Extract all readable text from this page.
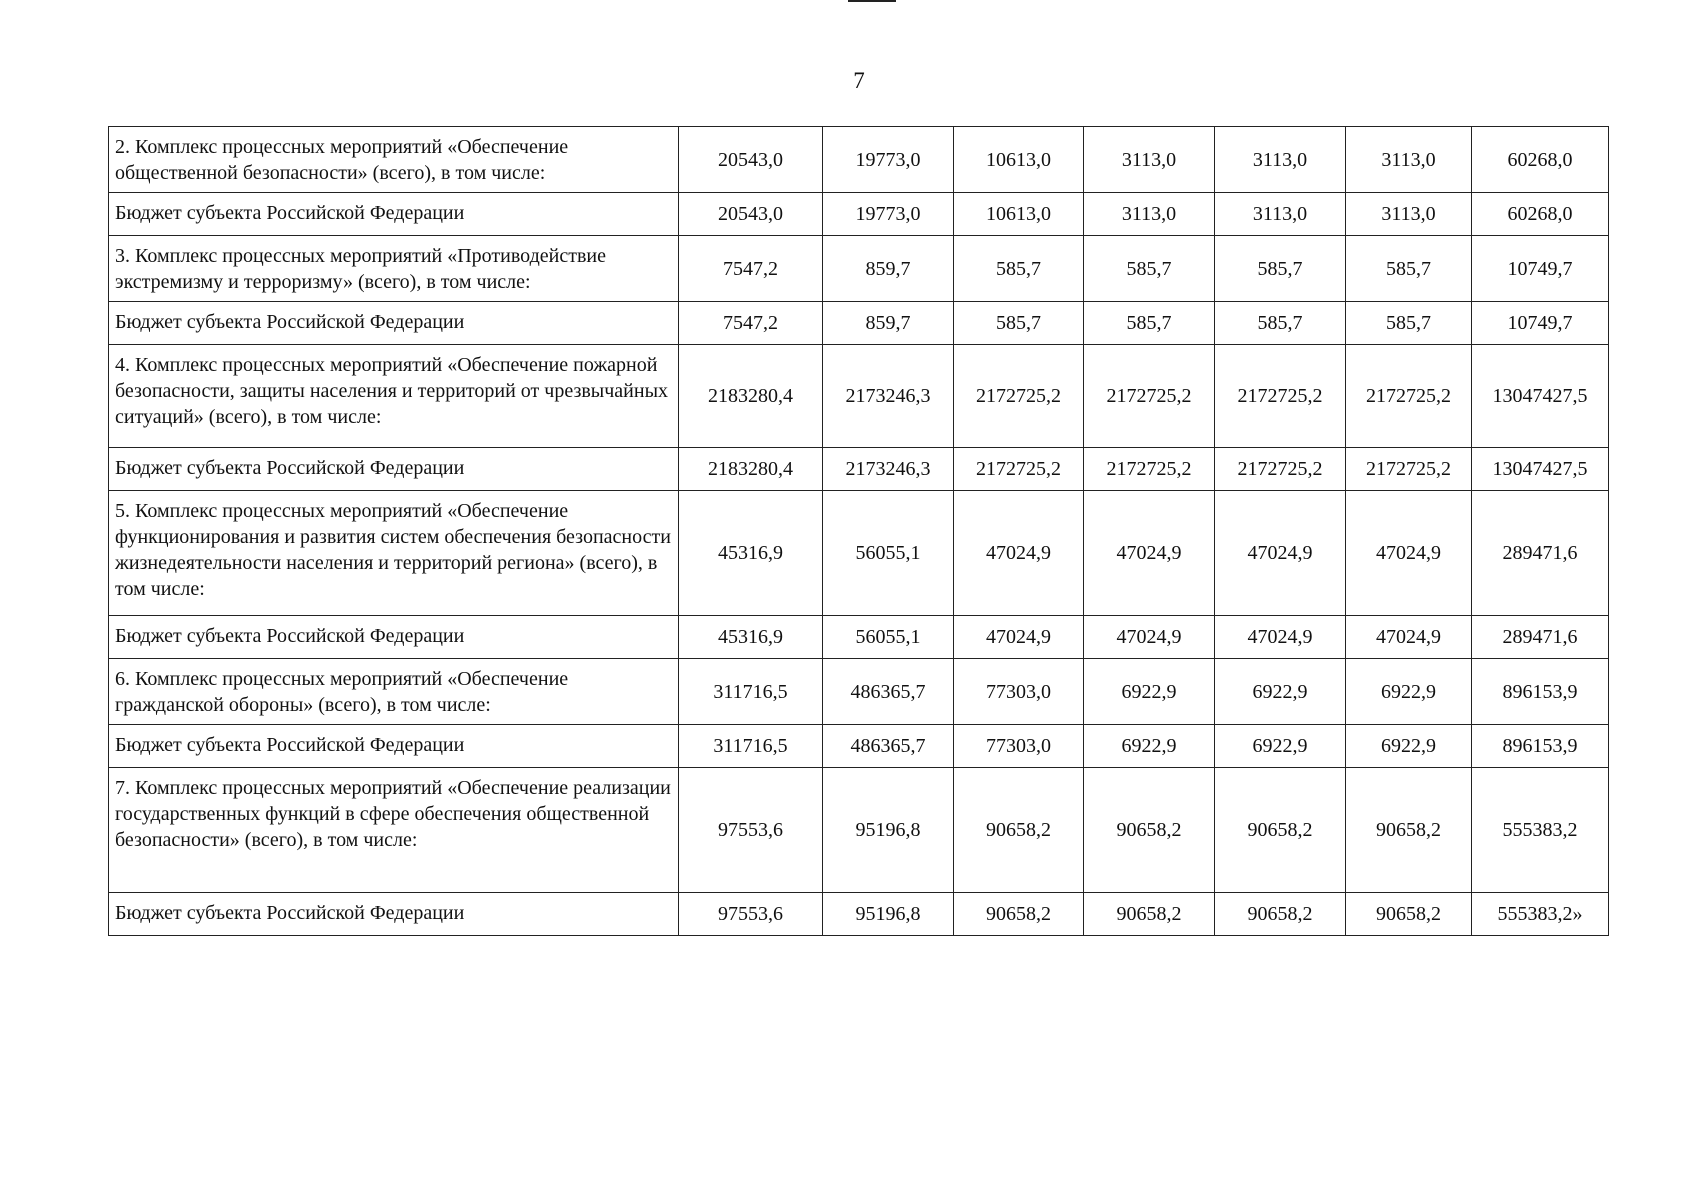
7
2. Комплекс процессных мероприятий «Обеспечение общественной безопасности» (всего), в том числе:	20543,0	19773,0	10613,0	3113,0	3113,0	3113,0	60268,0
Бюджет субъекта Российской Федерации	20543,0	19773,0	10613,0	3113,0	3113,0	3113,0	60268,0
3. Комплекс процессных мероприятий «Противодействие экстремизму и терроризму» (всего), в том числе:	7547,2	859,7	585,7	585,7	585,7	585,7	10749,7
Бюджет субъекта Российской Федерации	7547,2	859,7	585,7	585,7	585,7	585,7	10749,7
4. Комплекс процессных мероприятий «Обеспечение пожарной безопасности, защиты населения и территорий от чрезвычайных ситуаций» (всего), в том числе:	2183280,4	2173246,3	2172725,2	2172725,2	2172725,2	2172725,2	13047427,5
Бюджет субъекта Российской Федерации	2183280,4	2173246,3	2172725,2	2172725,2	2172725,2	2172725,2	13047427,5
5. Комплекс процессных мероприятий «Обеспечение функционирования и развития систем обеспечения безопасности жизнедеятельности населения и территорий региона» (всего), в том числе:	45316,9	56055,1	47024,9	47024,9	47024,9	47024,9	289471,6
Бюджет субъекта Российской Федерации	45316,9	56055,1	47024,9	47024,9	47024,9	47024,9	289471,6
6. Комплекс процессных мероприятий «Обеспечение гражданской обороны» (всего), в том числе:	311716,5	486365,7	77303,0	6922,9	6922,9	6922,9	896153,9
Бюджет субъекта Российской Федерации	311716,5	486365,7	77303,0	6922,9	6922,9	6922,9	896153,9
7. Комплекс процессных мероприятий «Обеспечение реализации государственных функций в сфере обеспечения общественной безопасности» (всего), в том числе:	97553,6	95196,8	90658,2	90658,2	90658,2	90658,2	555383,2
Бюджет субъекта Российской Федерации	97553,6	95196,8	90658,2	90658,2	90658,2	90658,2	555383,2»
